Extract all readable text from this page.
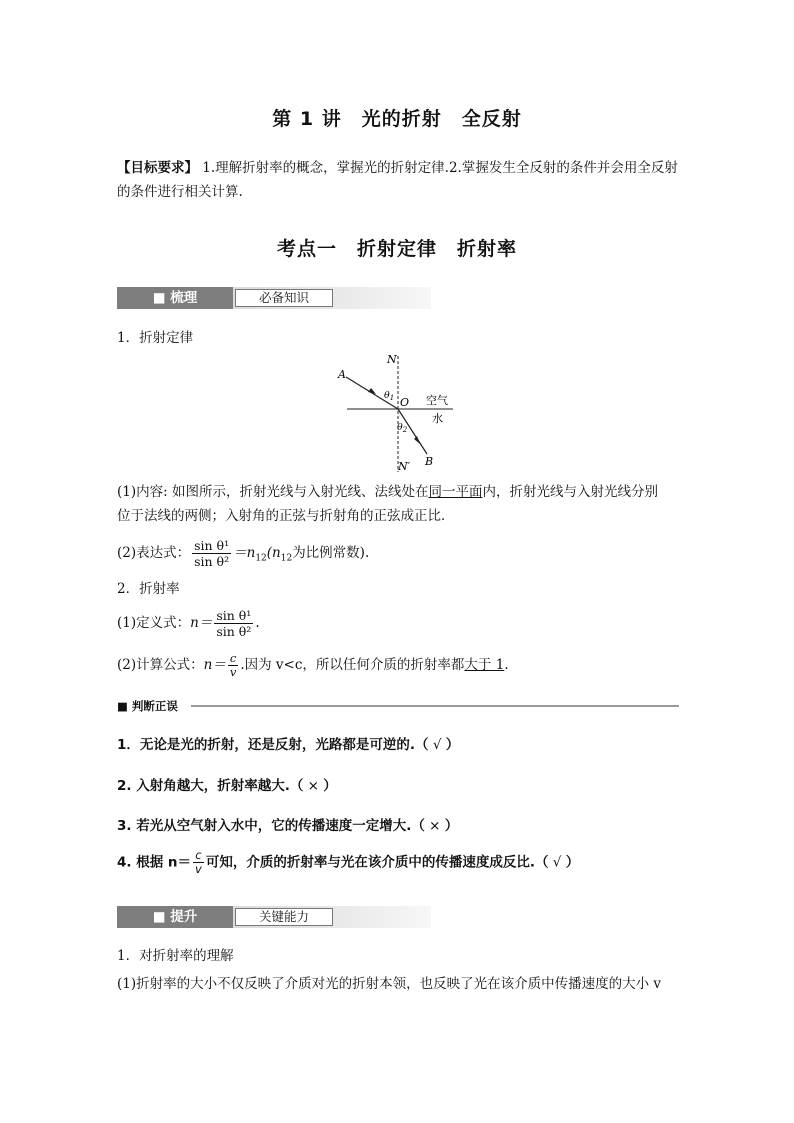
第 1 讲　光的折射　全反射
【目标要求】 1.理解折射率的概念，掌握光的折射定律.2.掌握发生全反射的条件并会用全反射
的条件进行相关计算.
考点一　折射定律　折射率
■ 梳理	必备知识
1．折射定律
A
N
O
$\theta_1$	空气
水
$\theta_2$
B
N′
(1)内容: 如图所示，折射光线与入射光线、法线处在同一平面内，折射光线与入射光线分别
位于法线的两侧；入射角的正弦与折射角的正弦成正比．
(2)表达式： $\frac{\text{sin θ¹}}{\text{sin θ²}} =n_{12}(n_{12}$为比例常数).
2．折射率
(1)定义式：$n= \frac{\text{sin θ¹}}{\text{sin θ²}}$ .
(2)计算公式：$n= \frac{c}{v}$ .因为 v<c，所以任何介质的折射率都大于 1.
■ 判断正误
1．无论是光的折射，还是反射，光路都是可逆的.（ √ ）
2. 入射角越大，折射率越大.（ × ）
3. 若光从空气射入水中，它的传播速度一定增大.（ × ）
4. 根据 $n= \frac{c}{v}$ 可知，介质的折射率与光在该介质中的传播速度成反比.（ √ ）
■ 提升	关键能力
1．对折射率的理解
(1)折射率的大小不仅反映了介质对光的折射本领，也反映了光在该介质中传播速度的大小 v
